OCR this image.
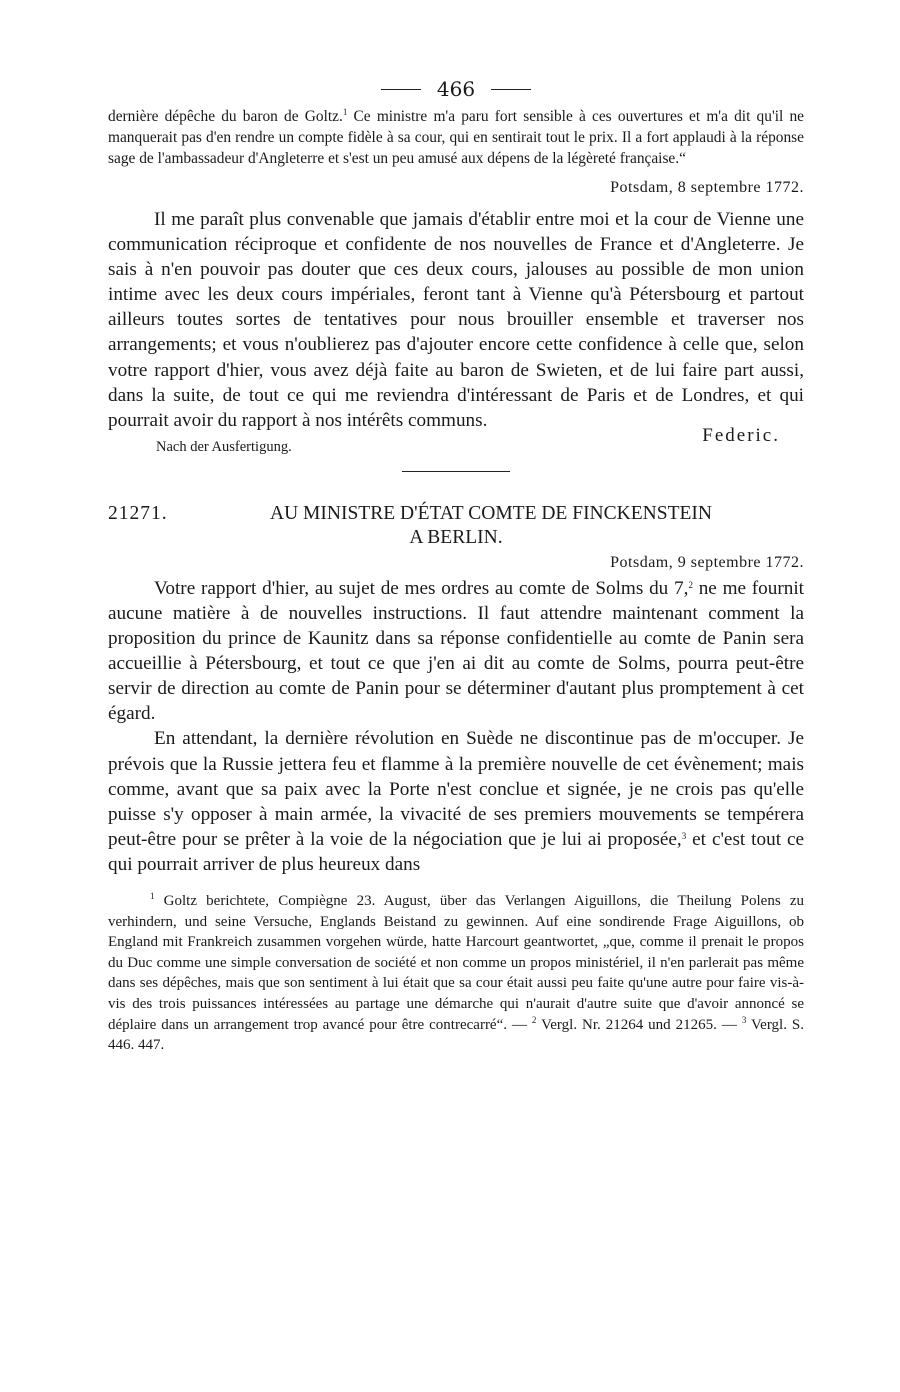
466

dernière dépêche du baron de Goltz.$^1$ Ce ministre m'a paru fort sensible à ces ouvertures et m'a dit qu'il ne manquerait pas d'en rendre un compte fidèle à sa cour, qui en sentirait tout le prix. Il a fort applaudi à la réponse sage de l'ambassadeur d'Angleterre et s'est un peu amusé aux dépens de la légèreté française.“

Potsdam, 8 septembre 1772.

Il me paraît plus convenable que jamais d'établir entre moi et la cour de Vienne une communication réciproque et confidente de nos nouvelles de France et d'Angleterre. Je sais à n'en pouvoir pas douter que ces deux cours, jalouses au possible de mon union intime avec les deux cours impériales, feront tant à Vienne qu'à Pétersbourg et partout ailleurs toutes sortes de tentatives pour nous brouiller ensemble et traverser nos arrangements; et vous n'oublierez pas d'ajouter encore cette confidence à celle que, selon votre rapport d'hier, vous avez déjà faite au baron de Swieten, et de lui faire part aussi, dans la suite, de tout ce qui me reviendra d'intéressant de Paris et de Londres, et qui pourrait avoir du rapport à nos intérêts communs.

Nach der Ausfertigung.
Federic.
21271.	AU MINISTRE D'ÉTAT COMTE DE FINCKENSTEIN
A BERLIN.
Potsdam, 9 septembre 1772.

Votre rapport d'hier, au sujet de mes ordres au comte de Solms du 7,$^2$ ne me fournit aucune matière à de nouvelles instructions. Il faut attendre maintenant comment la proposition du prince de Kaunitz dans sa réponse confidentielle au comte de Panin sera accueillie à Pétersbourg, et tout ce que j'en ai dit au comte de Solms, pourra peut-être servir de direction au comte de Panin pour se déterminer d'autant plus promptement à cet égard.

En attendant, la dernière révolution en Suède ne discontinue pas de m'occuper. Je prévois que la Russie jettera feu et flamme à la première nouvelle de cet évènement; mais comme, avant que sa paix avec la Porte n'est conclue et signée, je ne crois pas qu'elle puisse s'y opposer à main armée, la vivacité de ses premiers mouvements se tempérera peut-être pour se prêter à la voie de la négociation que je lui ai proposée,$^3$ et c'est tout ce qui pourrait arriver de plus heureux dans

$^1$ Goltz berichtete, Compiègne 23. August, über das Verlangen Aiguillons, die Theilung Polens zu verhindern, und seine Versuche, Englands Beistand zu gewinnen. Auf eine sondirende Frage Aiguillons, ob England mit Frankreich zusammen vorgehen würde, hatte Harcourt geantwortet, „que, comme il prenait le propos du Duc comme une simple conversation de société et non comme un propos ministériel, il n'en parlerait pas même dans ses dépêches, mais que son sentiment à lui était que sa cour était aussi peu faite qu'une autre pour faire vis-à-vis des trois puissances intéressées au partage une démarche qui n'aurait d'autre suite que d'avoir annoncé se déplaire dans un arrangement trop avancé pour être contrecarré“. — $^2$ Vergl. Nr. 21264 und 21265. — $^3$ Vergl. S. 446. 447.
